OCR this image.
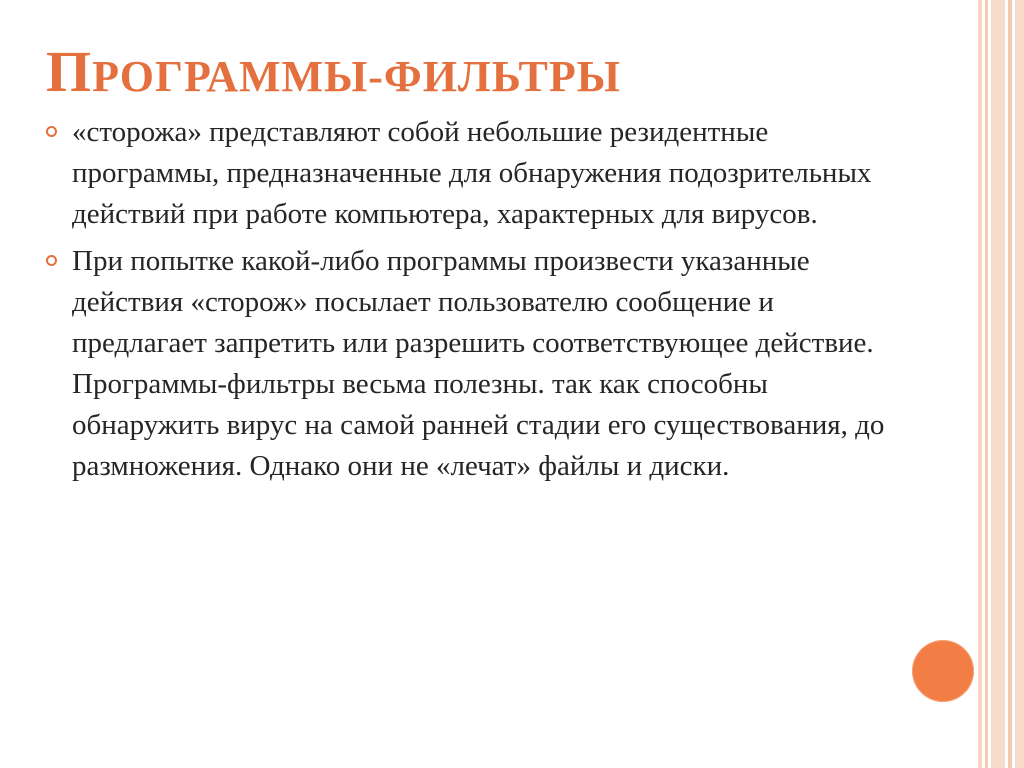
ПРОГРАММЫ-ФИЛЬТРЫ
«сторожа» представляют собой небольшие резидентные программы, предназначенные для обнаружения подозрительных действий при работе компьютера, характерных для вирусов.
При попытке какой-либо программы произвести указанные действия «сторож» посылает пользователю сообщение и предлагает запретить или разрешить соответствующее действие. Программы-фильтры весьма полезны. так как способны обнаружить вирус на самой ранней стадии его существования, до размножения. Однако они не «лечат» файлы и диски.
